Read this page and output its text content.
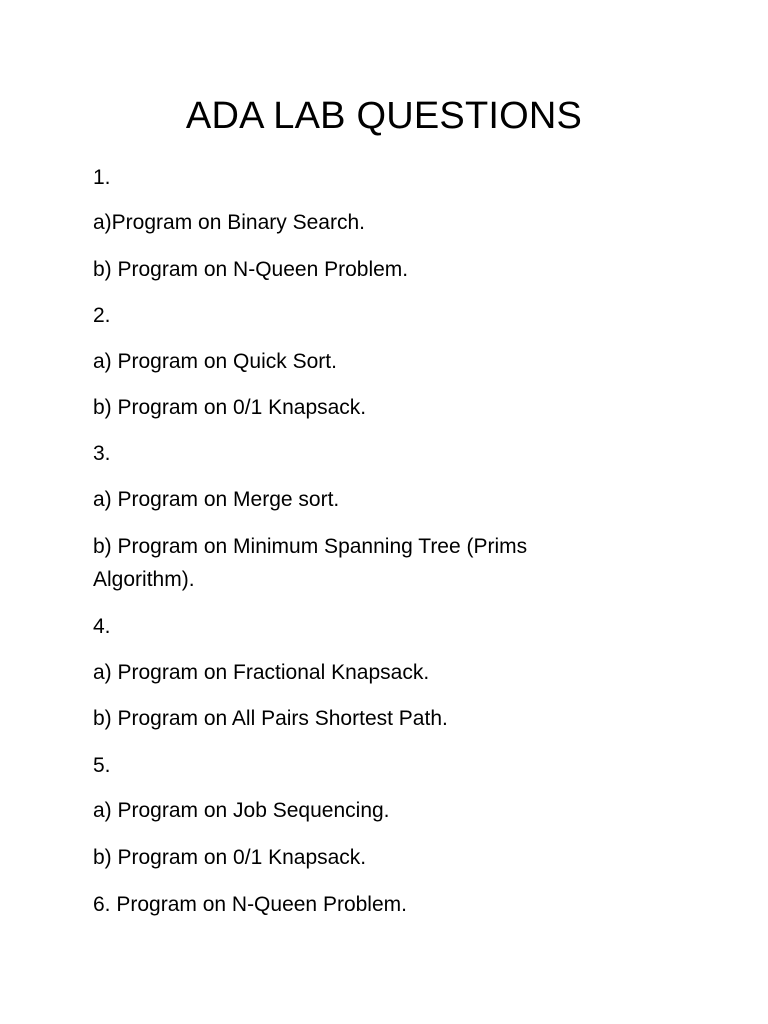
ADA LAB QUESTIONS

1.

a)Program on Binary Search.

b) Program on N-Queen Problem.

2.

a) Program on Quick Sort.

b) Program on 0/1 Knapsack.

3.

a) Program on Merge sort.

b) Program on Minimum Spanning Tree (Prims

Algorithm).

4.

a) Program on Fractional Knapsack.

b) Program on All Pairs Shortest Path.

5.

a) Program on Job Sequencing.

b) Program on 0/1 Knapsack.

6. Program on N-Queen Problem.
